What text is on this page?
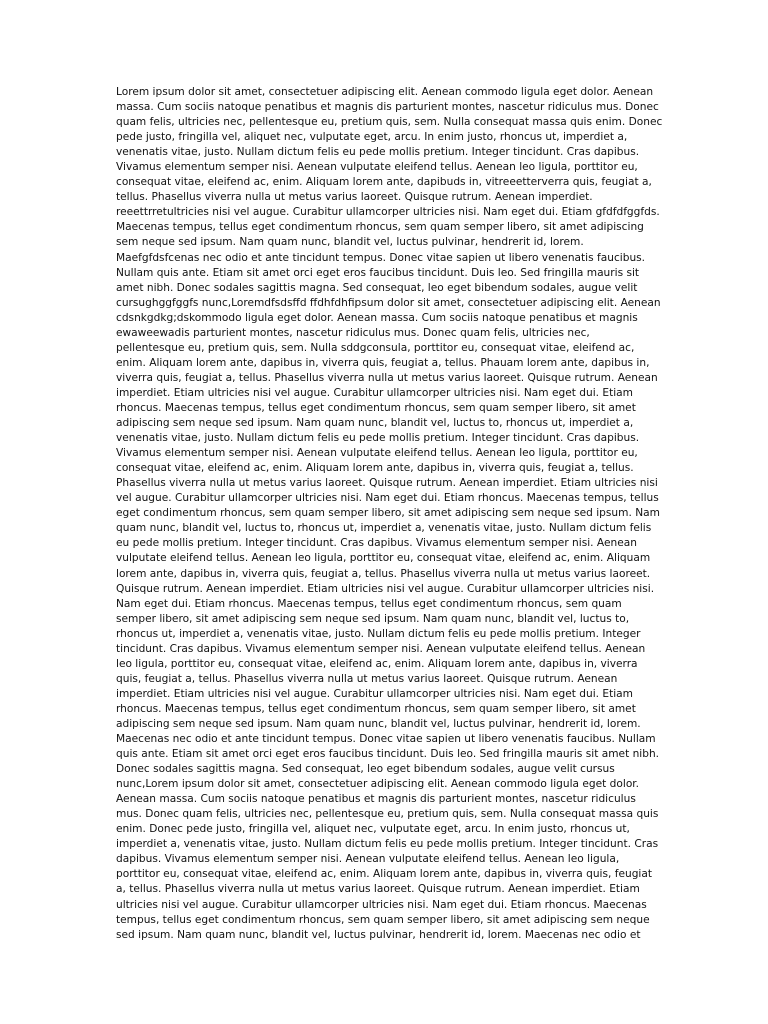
Lorem ipsum dolor sit amet, consectetuer adipiscing elit. Aenean commodo ligula eget dolor. Aenean
massa. Cum sociis natoque penatibus et magnis dis parturient montes, nascetur ridiculus mus. Donec
quam felis, ultricies nec, pellentesque eu, pretium quis, sem. Nulla consequat massa quis enim. Donec
pede justo, fringilla vel, aliquet nec, vulputate eget, arcu. In enim justo, rhoncus ut, imperdiet a,
venenatis vitae, justo. Nullam dictum felis eu pede mollis pretium. Integer tincidunt. Cras dapibus.
Vivamus elementum semper nisi. Aenean vulputate eleifend tellus. Aenean leo ligula, porttitor eu,
consequat vitae, eleifend ac, enim. Aliquam lorem ante, dapibuds in, vitreeetterverra quis, feugiat a,
tellus. Phasellus viverra nulla ut metus varius laoreet. Quisque rutrum. Aenean imperdiet.
reeettrretultricies nisi vel augue. Curabitur ullamcorper ultricies nisi. Nam eget dui. Etiam gfdfdfggfds.
Maecenas tempus, tellus eget condimentum rhoncus, sem quam semper libero, sit amet adipiscing
sem neque sed ipsum. Nam quam nunc, blandit vel, luctus pulvinar, hendrerit id, lorem.
Maefgfdsfcenas nec odio et ante tincidunt tempus. Donec vitae sapien ut libero venenatis faucibus.
Nullam quis ante. Etiam sit amet orci eget eros faucibus tincidunt. Duis leo. Sed fringilla mauris sit
amet nibh. Donec sodales sagittis magna. Sed consequat, leo eget bibendum sodales, augue velit
cursughggfggfs nunc,Loremdfsdsffd ffdhfdhfipsum dolor sit amet, consectetuer adipiscing elit. Aenean
cdsnkgdkg;dskommodo ligula eget dolor. Aenean massa. Cum sociis natoque penatibus et magnis
ewaweewadis parturient montes, nascetur ridiculus mus. Donec quam felis, ultricies nec,
pellentesque eu, pretium quis, sem. Nulla sddgconsula, porttitor eu, consequat vitae, eleifend ac,
enim. Aliquam lorem ante, dapibus in, viverra quis, feugiat a, tellus. Phauam lorem ante, dapibus in,
viverra quis, feugiat a, tellus. Phasellus viverra nulla ut metus varius laoreet. Quisque rutrum. Aenean
imperdiet. Etiam ultricies nisi vel augue. Curabitur ullamcorper ultricies nisi. Nam eget dui. Etiam
rhoncus. Maecenas tempus, tellus eget condimentum rhoncus, sem quam semper libero, sit amet
adipiscing sem neque sed ipsum. Nam quam nunc, blandit vel, luctus to, rhoncus ut, imperdiet a,
venenatis vitae, justo. Nullam dictum felis eu pede mollis pretium. Integer tincidunt. Cras dapibus.
Vivamus elementum semper nisi. Aenean vulputate eleifend tellus. Aenean leo ligula, porttitor eu,
consequat vitae, eleifend ac, enim. Aliquam lorem ante, dapibus in, viverra quis, feugiat a, tellus.
Phasellus viverra nulla ut metus varius laoreet. Quisque rutrum. Aenean imperdiet. Etiam ultricies nisi
vel augue. Curabitur ullamcorper ultricies nisi. Nam eget dui. Etiam rhoncus. Maecenas tempus, tellus
eget condimentum rhoncus, sem quam semper libero, sit amet adipiscing sem neque sed ipsum. Nam
quam nunc, blandit vel, luctus to, rhoncus ut, imperdiet a, venenatis vitae, justo. Nullam dictum felis
eu pede mollis pretium. Integer tincidunt. Cras dapibus. Vivamus elementum semper nisi. Aenean
vulputate eleifend tellus. Aenean leo ligula, porttitor eu, consequat vitae, eleifend ac, enim. Aliquam
lorem ante, dapibus in, viverra quis, feugiat a, tellus. Phasellus viverra nulla ut metus varius laoreet.
Quisque rutrum. Aenean imperdiet. Etiam ultricies nisi vel augue. Curabitur ullamcorper ultricies nisi.
Nam eget dui. Etiam rhoncus. Maecenas tempus, tellus eget condimentum rhoncus, sem quam
semper libero, sit amet adipiscing sem neque sed ipsum. Nam quam nunc, blandit vel, luctus to,
rhoncus ut, imperdiet a, venenatis vitae, justo. Nullam dictum felis eu pede mollis pretium. Integer
tincidunt. Cras dapibus. Vivamus elementum semper nisi. Aenean vulputate eleifend tellus. Aenean
leo ligula, porttitor eu, consequat vitae, eleifend ac, enim. Aliquam lorem ante, dapibus in, viverra
quis, feugiat a, tellus. Phasellus viverra nulla ut metus varius laoreet. Quisque rutrum. Aenean
imperdiet. Etiam ultricies nisi vel augue. Curabitur ullamcorper ultricies nisi. Nam eget dui. Etiam
rhoncus. Maecenas tempus, tellus eget condimentum rhoncus, sem quam semper libero, sit amet
adipiscing sem neque sed ipsum. Nam quam nunc, blandit vel, luctus pulvinar, hendrerit id, lorem.
Maecenas nec odio et ante tincidunt tempus. Donec vitae sapien ut libero venenatis faucibus. Nullam
quis ante. Etiam sit amet orci eget eros faucibus tincidunt. Duis leo. Sed fringilla mauris sit amet nibh.
Donec sodales sagittis magna. Sed consequat, leo eget bibendum sodales, augue velit cursus
nunc,Lorem ipsum dolor sit amet, consectetuer adipiscing elit. Aenean commodo ligula eget dolor.
Aenean massa. Cum sociis natoque penatibus et magnis dis parturient montes, nascetur ridiculus
mus. Donec quam felis, ultricies nec, pellentesque eu, pretium quis, sem. Nulla consequat massa quis
enim. Donec pede justo, fringilla vel, aliquet nec, vulputate eget, arcu. In enim justo, rhoncus ut,
imperdiet a, venenatis vitae, justo. Nullam dictum felis eu pede mollis pretium. Integer tincidunt. Cras
dapibus. Vivamus elementum semper nisi. Aenean vulputate eleifend tellus. Aenean leo ligula,
porttitor eu, consequat vitae, eleifend ac, enim. Aliquam lorem ante, dapibus in, viverra quis, feugiat
a, tellus. Phasellus viverra nulla ut metus varius laoreet. Quisque rutrum. Aenean imperdiet. Etiam
ultricies nisi vel augue. Curabitur ullamcorper ultricies nisi. Nam eget dui. Etiam rhoncus. Maecenas
tempus, tellus eget condimentum rhoncus, sem quam semper libero, sit amet adipiscing sem neque
sed ipsum. Nam quam nunc, blandit vel, luctus pulvinar, hendrerit id, lorem. Maecenas nec odio et
